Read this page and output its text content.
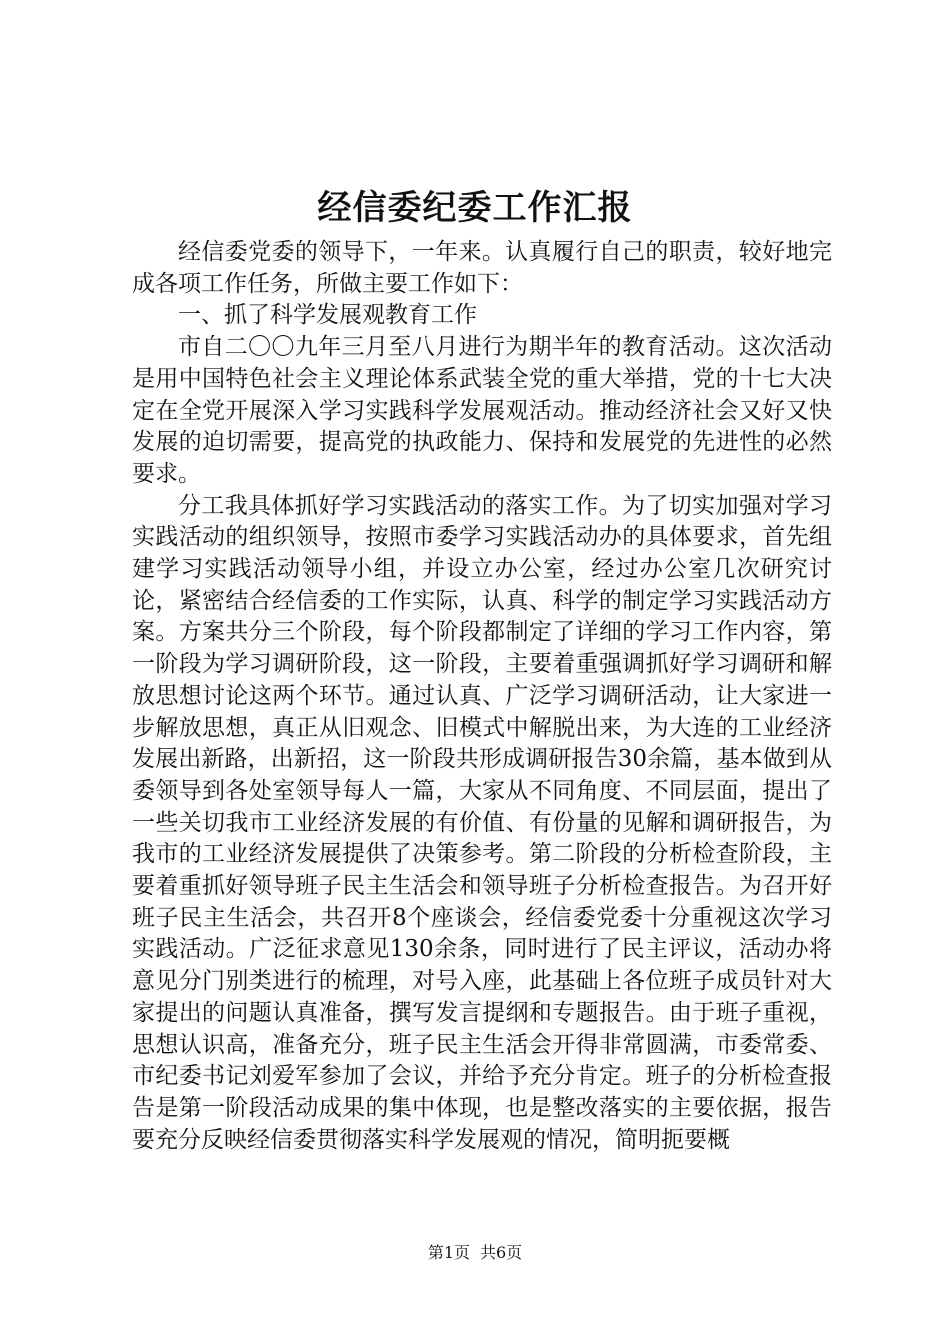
经信委纪委工作汇报

经信委党委的领导下，一年来。认真履行自己的职责，较好地完成各项工作任务，所做主要工作如下：

一、抓了科学发展观教育工作

市自二〇〇九年三月至八月进行为期半年的教育活动。这次活动是用中国特色社会主义理论体系武装全党的重大举措，党的十七大决定在全党开展深入学习实践科学发展观活动。推动经济社会又好又快发展的迫切需要，提高党的执政能力、保持和发展党的先进性的必然要求。

分工我具体抓好学习实践活动的落实工作。为了切实加强对学习实践活动的组织领导，按照市委学习实践活动办的具体要求，首先组建学习实践活动领导小组，并设立办公室，经过办公室几次研究讨论，紧密结合经信委的工作实际，认真、科学的制定学习实践活动方案。方案共分三个阶段，每个阶段都制定了详细的学习工作内容，第一阶段为学习调研阶段，这一阶段，主要着重强调抓好学习调研和解放思想讨论这两个环节。通过认真、广泛学习调研活动，让大家进一步解放思想，真正从旧观念、旧模式中解脱出来，为大连的工业经济发展出新路，出新招，这一阶段共形成调研报告30余篇，基本做到从委领导到各处室领导每人一篇，大家从不同角度、不同层面，提出了一些关切我市工业经济发展的有价值、有份量的见解和调研报告，为我市的工业经济发展提供了决策参考。第二阶段的分析检查阶段，主要着重抓好领导班子民主生活会和领导班子分析检查报告。为召开好班子民主生活会，共召开8个座谈会，经信委党委十分重视这次学习实践活动。广泛征求意见130余条，同时进行了民主评议，活动办将意见分门别类进行的梳理，对号入座，此基础上各位班子成员针对大家提出的问题认真准备，撰写发言提纲和专题报告。由于班子重视，思想认识高，准备充分，班子民主生活会开得非常圆满，市委常委、市纪委书记刘爱军参加了会议，并给予充分肯定。班子的分析检查报告是第一阶段活动成果的集中体现，也是整改落实的主要依据，报告要充分反映经信委贯彻落实科学发展观的情况，简明扼要概

第1页 共6页
